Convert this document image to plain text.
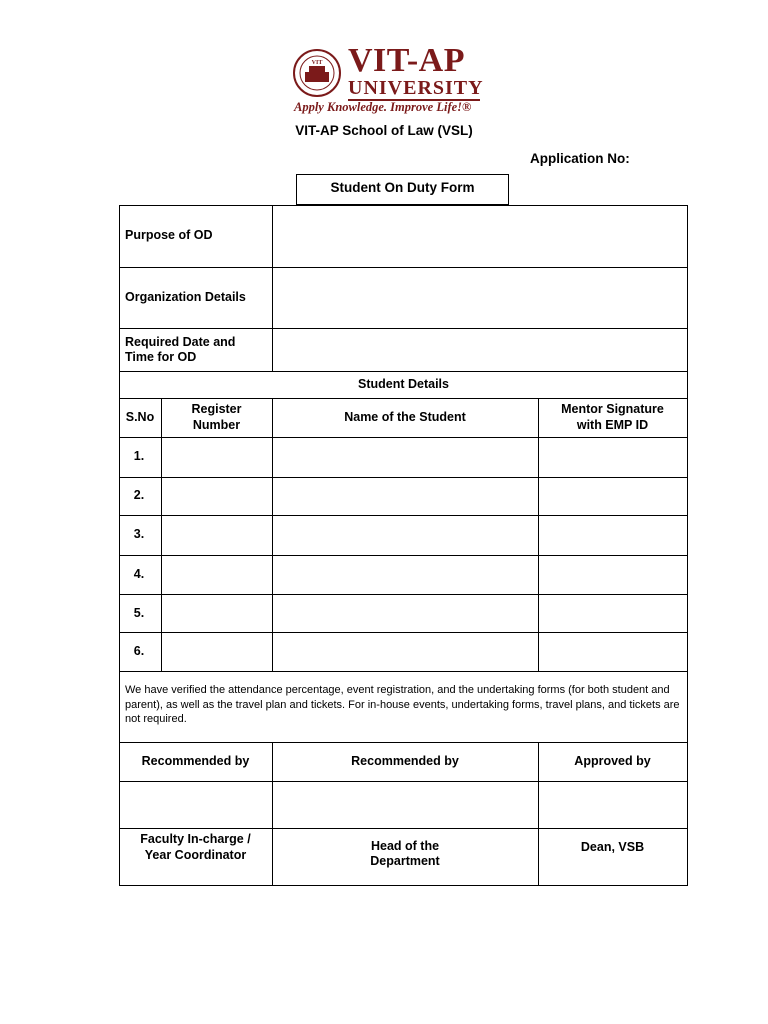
VIT VIT-AP
UNIVERSITY
Apply Knowledge. Improve Life!®
VIT-AP School of Law (VSL)
Application No:
Student On Duty Form
Purpose of OD
Organization Details
Required Date and
Time for OD
Student Details
S.No
Register
Number
Name of the Student
Mentor Signature
with EMP ID
1.
2.
3.
4.
5.
6.
We have verified the attendance percentage, event registration, and the undertaking forms (for both student and parent), as well as the travel plan and tickets. For in-house events, undertaking forms, travel plans, and tickets are not required.
Recommended by	Recommended by	Approved by
Faculty In-charge /
Year Coordinator
Head of the
Department
Dean, VSB
